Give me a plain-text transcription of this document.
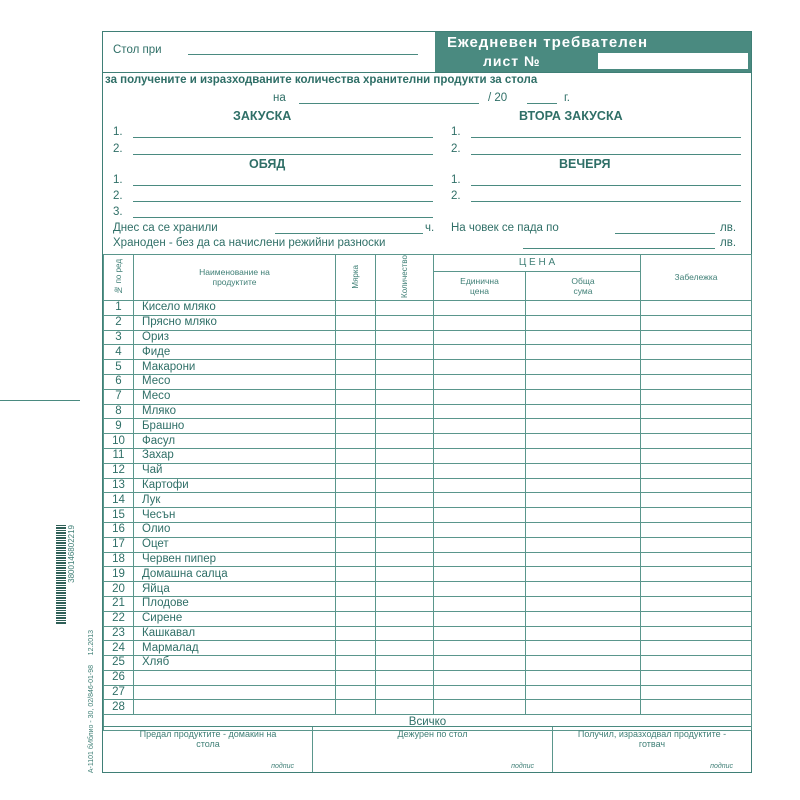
3800146802219
А-1101 бИблио - 30, 02/846-01-98
12.2013
Стол при	Ежедневен требвателен
лист №
за получените и изразходваните количества хранителни продукти за стола
на	/ 20	г.
ЗАКУСКА	ВТОРА ЗАКУСКА
1.	1.
2.	2.
ОБЯД	ВЕЧЕРЯ
1.	1.
2.	2.
3.
Днес са се хранили	ч. На човек се пада по	лв.
Хранoден - без да са начислени режийни разноски	лв.
№ по ред	Наименование на продуктите	Мярка	Количество	Ц Е Н А		Забележка

				Единична цена	Обща сума	

1	Кисело мляко					
2	Прясно мляко					
3	Ориз					
4	Фиде					
5	Макарони					
6	Месо					
7	Месо					
8	Мляко					
9	Брашно					
10	Фасул					
11	Захар					
12	Чай					
13	Картофи					
14	Лук					
15	Чесън					
16	Олио					
17	Оцет					
18	Червен пипер					
19	Домашна салца					
20	Яйца					
21	Плодове					
22	Сирене					
23	Кашкавал					
24	Мармалад					
25	Хляб					
26						
27						
28						
Всичко						
Предал продуктите - домакин на стола
подпис
Дежурен по стол
подпис
Получил, изразходвал продуктите - готвач
подпис
